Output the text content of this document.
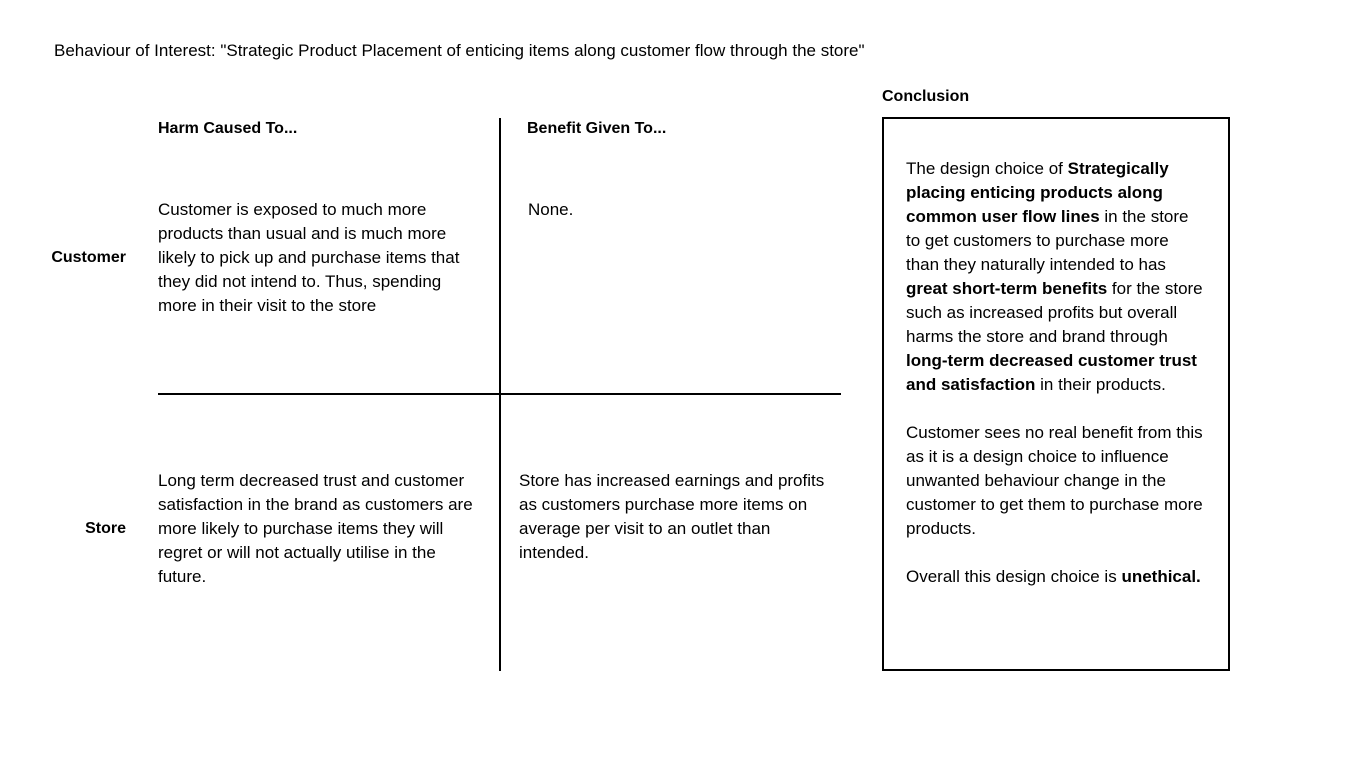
Behaviour of Interest: "Strategic Product Placement of enticing items along customer flow through the store"
Harm Caused To...	Benefit Given To...
Customer
Store
Customer is exposed to much more products than usual and is much more likely to pick up and purchase items that they did not intend to. Thus, spending more in their visit to the store
None.
Long term decreased trust and customer satisfaction in the brand as customers are more likely to purchase items they will regret or will not actually utilise in the future.
Store has increased earnings and profits as customers purchase more items on average per visit to an outlet than intended.
Conclusion

The design choice of Strategically placing enticing products along common user flow lines in the store to get customers to purchase more than they naturally intended to has great short-term benefits for the store such as increased profits but overall harms the store and brand through long-term decreased customer trust and satisfaction in their products.

Customer sees no real benefit from this as it is a design choice to influence unwanted behaviour change in the customer to get them to purchase more products.

Overall this design choice is unethical.
